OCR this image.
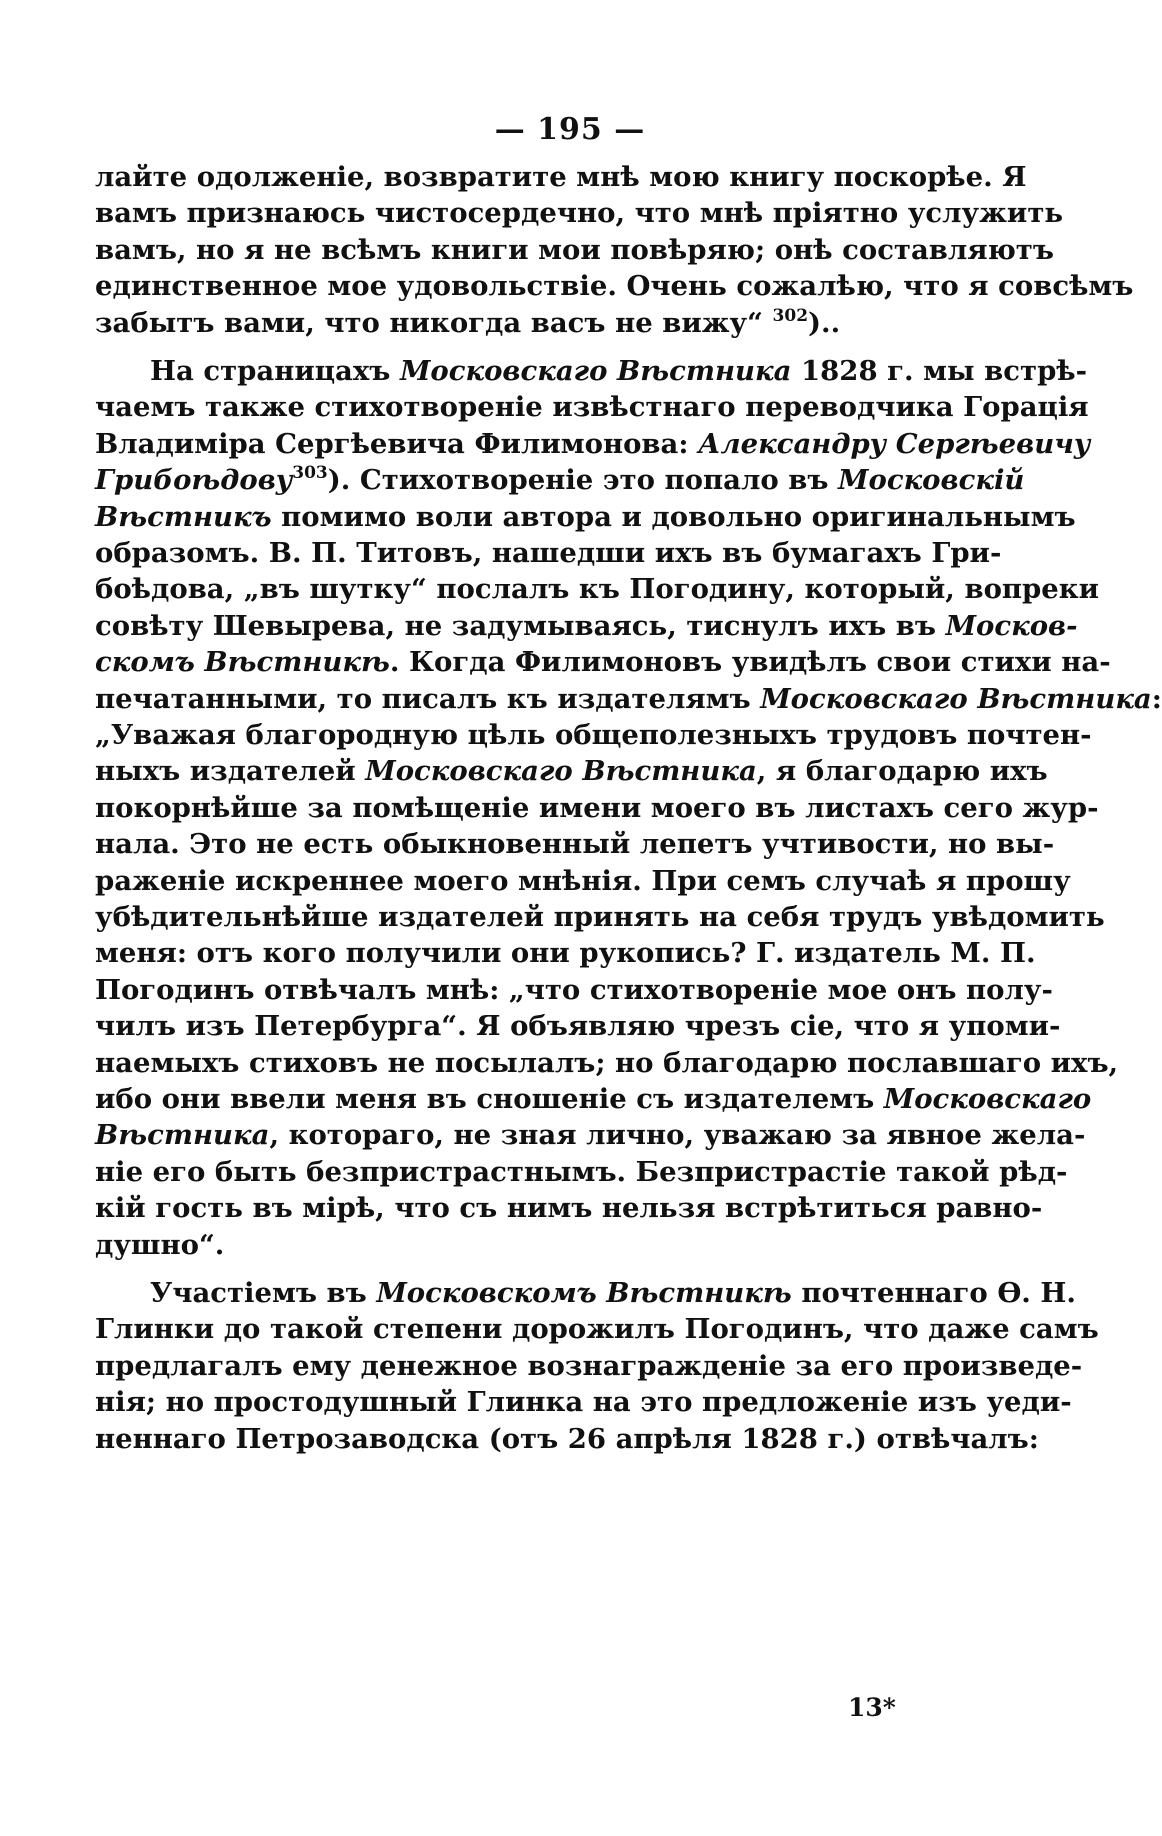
— 195 —
лайте одолженіе, возвратите мнѣ мою книгу поскорѣе. Я
вамъ признаюсь чистосердечно, что мнѣ пріятно услужить
вамъ, но я не всѣмъ книги мои повѣряю; онѣ составляютъ
единственное мое удовольствіе. Очень сожалѣю, что я совсѣмъ
забытъ вами, что никогда васъ не вижу“ $^{302}$)..
На страницахъ Московскаго Вѣстника 1828 г. мы встрѣ-
чаемъ также стихотвореніе извѣстнаго переводчика Горація
Владиміра Сергѣевича Филимонова: Александру Сергѣевичу
Грибоѣдову$^{303}$). Стихотвореніе это попало въ Московскій
Вѣстникъ помимо воли автора и довольно оригинальнымъ
образомъ. В. П. Титовъ, нашедши ихъ въ бумагахъ Гри-
боѣдова, „въ шутку“ послалъ къ Погодину, который, вопреки
совѣту Шевырева, не задумываясь, тиснулъ ихъ въ Москов-
скомъ Вѣстникѣ. Когда Филимоновъ увидѣлъ свои стихи на-
печатанными, то писалъ къ издателямъ Московскаго Вѣстника:
„Уважая благородную цѣль общеполезныхъ трудовъ почтен-
ныхъ издателей Московскаго Вѣстника, я благодарю ихъ
покорнѣйше за помѣщеніе имени моего въ листахъ сего жур-
нала. Это не есть обыкновенный лепетъ учтивости, но вы-
раженіе искреннее моего мнѣнія. При семъ случаѣ я прошу
убѣдительнѣйше издателей принять на себя трудъ увѣдомить
меня: отъ кого получили они рукопись? Г. издатель М. П.
Погодинъ отвѣчалъ мнѣ: „что стихотвореніе мое онъ полу-
чилъ изъ Петербурга“. Я объявляю чрезъ сіе, что я упоми-
наемыхъ стиховъ не посылалъ; но благодарю пославшаго ихъ,
ибо они ввели меня въ сношеніе съ издателемъ Московскаго
Вѣстника, котораго, не зная лично, уважаю за явное жела-
ніе его быть безпристрастнымъ. Безпристрастіе такой рѣд-
кій гость въ мірѣ, что съ нимъ нельзя встрѣтиться равно-
душно“.
Участіемъ въ Московскомъ Вѣстникѣ почтеннаго Ѳ. Н.
Глинки до такой степени дорожилъ Погодинъ, что даже самъ
предлагалъ ему денежное вознагражденіе за его произведе-
нія; но простодушный Глинка на это предложеніе изъ уеди-
неннаго Петрозаводска (отъ 26 апрѣля 1828 г.) отвѣчалъ:
13*
